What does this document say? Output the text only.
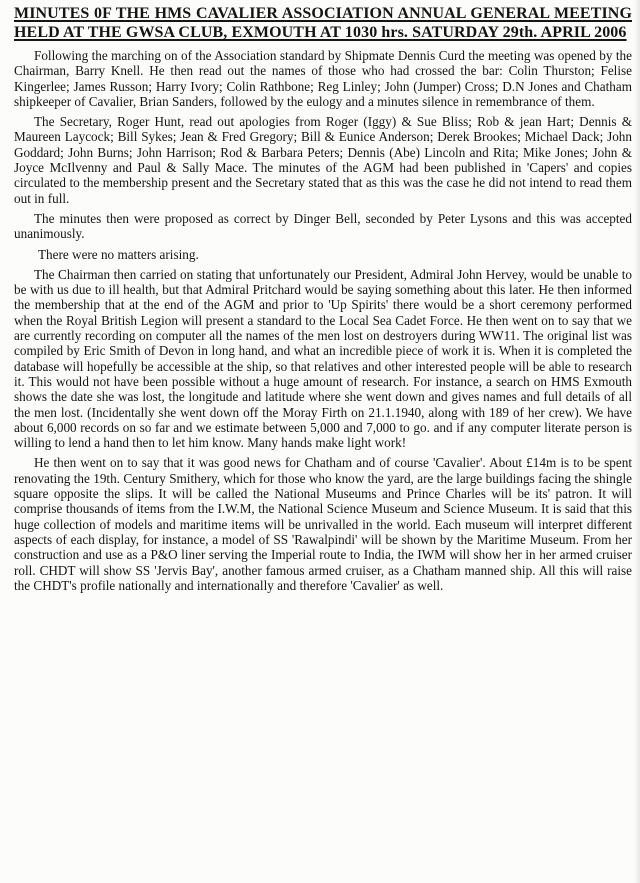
MINUTES 0F THE HMS CAVALIER ASSOCIATION ANNUAL GENERAL MEETING HELD AT THE GWSA CLUB, EXMOUTH AT 1030 hrs. SATURDAY 29th. APRIL 2006

Following the marching on of the Association standard by Shipmate Dennis Curd the meeting was opened by the Chairman, Barry Knell. He then read out the names of those who had crossed the bar: Colin Thurston; Felise Kingerlee; James Russon; Harry Ivory; Colin Rathbone; Reg Linley; John (Jumper) Cross; D.N Jones and Chatham shipkeeper of Cavalier, Brian Sanders, followed by the eulogy and a minutes silence in remembrance of them.

The Secretary, Roger Hunt, read out apologies from Roger (Iggy) & Sue Bliss; Rob & jean Hart; Dennis & Maureen Laycock; Bill Sykes; Jean & Fred Gregory; Bill & Eunice Anderson; Derek Brookes; Michael Dack; John Goddard; John Burns; John Harrison; Rod & Barbara Peters; Dennis (Abe) Lincoln and Rita; Mike Jones; John & Joyce McIlvenny and Paul & Sally Mace. The minutes of the AGM had been published in 'Capers' and copies circulated to the membership present and the Secretary stated that as this was the case he did not intend to read them out in full.

The minutes then were proposed as correct by Dinger Bell, seconded by Peter Lysons and this was accepted unanimously.

There were no matters arising.

The Chairman then carried on stating that unfortunately our President, Admiral John Hervey, would be unable to be with us due to ill health, but that Admiral Pritchard would be saying something about this later. He then informed the membership that at the end of the AGM and prior to 'Up Spirits' there would be a short ceremony performed when the Royal British Legion will present a standard to the Local Sea Cadet Force. He then went on to say that we are currently recording on computer all the names of the men lost on destroyers during WW11. The original list was compiled by Eric Smith of Devon in long hand, and what an incredible piece of work it is. When it is completed the database will hopefully be accessible at the ship, so that relatives and other interested people will be able to research it. This would not have been possible without a huge amount of research. For instance, a search on HMS Exmouth shows the date she was lost, the longitude and latitude where she went down and gives names and full details of all the men lost. (Incidentally she went down off the Moray Firth on 21.1.1940, along with 189 of her crew). We have about 6,000 records on so far and we estimate between 5,000 and 7,000 to go. and if any computer literate person is willing to lend a hand then to let him know. Many hands make light work!

He then went on to say that it was good news for Chatham and of course 'Cavalier'. About £14m is to be spent renovating the 19th. Century Smithery, which for those who know the yard, are the large buildings facing the shingle square opposite the slips. It will be called the National Museums and Prince Charles will be its' patron. It will comprise thousands of items from the I.W.M, the National Science Museum and Science Museum. It is said that this huge collection of models and maritime items will be unrivalled in the world. Each museum will interpret different aspects of each display, for instance, a model of SS 'Rawalpindi' will be shown by the Maritime Museum. From her construction and use as a P&O liner serving the Imperial route to India, the IWM will show her in her armed cruiser roll. CHDT will show SS 'Jervis Bay', another famous armed cruiser, as a Chatham manned ship. All this will raise the CHDT's profile nationally and internationally and therefore 'Cavalier' as well.
